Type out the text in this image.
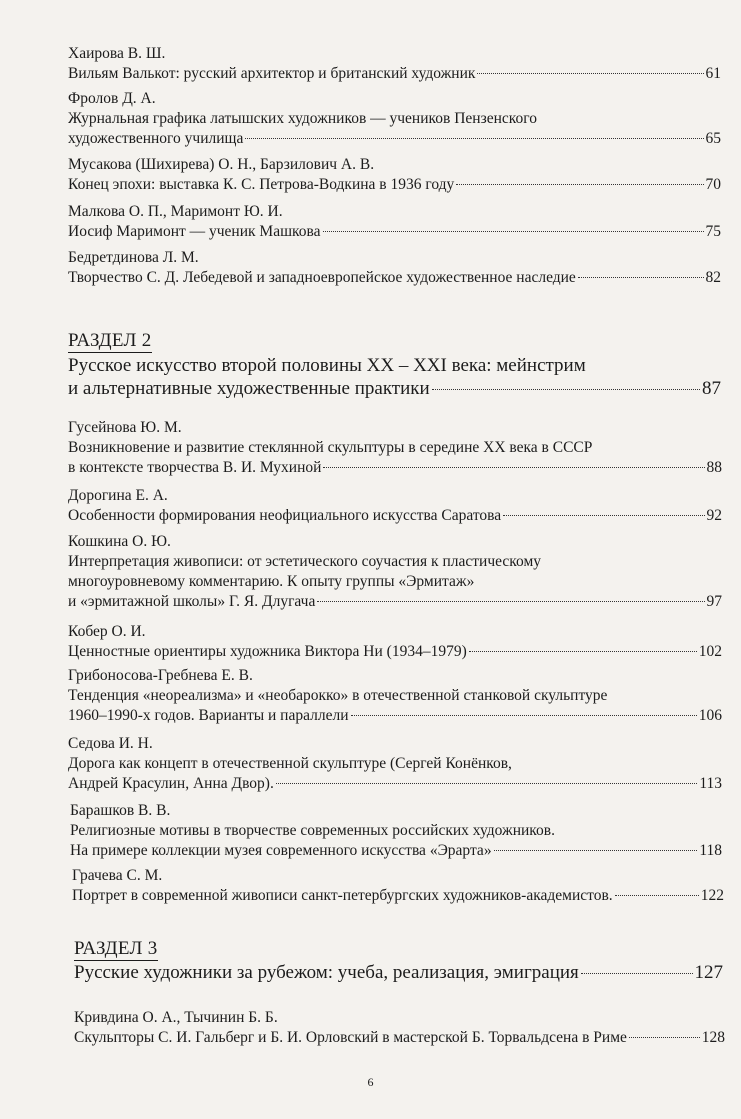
Хаирова В. Ш.
Вильям Валькот: русский архитектор и британский художник	61
Фролов Д. А.
Журнальная графика латышских художников — учеников Пензенского
художественного училища	65
Мусакова (Шихирева) О. Н., Барзилович А. В.
Конец эпохи: выставка К. С. Петрова-Водкина в 1936 году	70
Малкова О. П., Маримонт Ю. И.
Иосиф Маримонт — ученик Машкова	75
Бедретдинова Л. М.
Творчество С. Д. Лебедевой и западноевропейское художественное наследие	82
РАЗДЕЛ 2
Русское искусство второй половины XX – XXI века: мейнстрим
и альтернативные художественные практики	87
Гусейнова Ю. М.
Возникновение и развитие стеклянной скульптуры в середине XX века в СССР
в контексте творчества В. И. Мухиной	88
Дорогина Е. А.
Особенности формирования неофициального искусства Саратова	92
Кошкина О. Ю.
Интерпретация живописи: от эстетического соучастия к пластическому
многоуровневому комментарию. К опыту группы «Эрмитаж»
и «эрмитажной школы» Г. Я. Длугача	97
Кобер О. И.
Ценностные ориентиры художника Виктора Ни (1934–1979)	102
Грибоносова-Гребнева Е. В.
Тенденция «неореализма» и «необарокко» в отечественной станковой скульптуре
1960–1990-х годов. Варианты и параллели	106
Седова И. Н.
Дорога как концепт в отечественной скульптуре (Сергей Конёнков,
Андрей Красулин, Анна Двор).	113
Барашков В. В.
Религиозные мотивы в творчестве современных российских художников.
На примере коллекции музея современного искусства «Эрарта»	118
Грачева С. М.
Портрет в современной живописи санкт-петербургских художников-академистов.	122
РАЗДЕЛ 3
Русские художники за рубежом: учеба, реализация, эмиграция	127
Кривдина О. А., Тычинин Б. Б.
Скульпторы С. И. Гальберг и Б. И. Орловский в мастерской Б. Торвальдсена в Риме	128
6
